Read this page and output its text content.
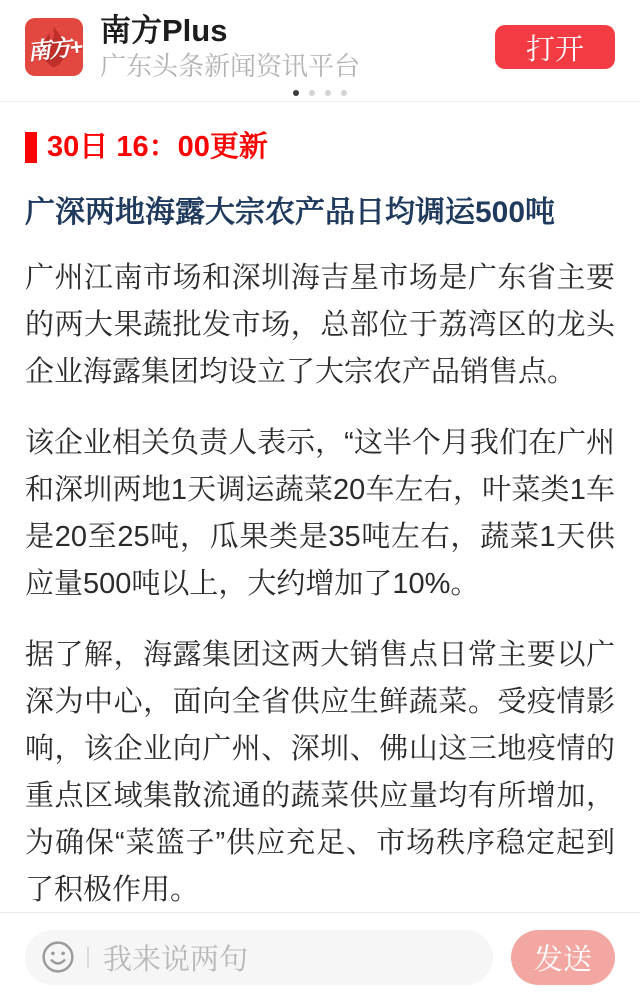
南方+
南方Plus
广东头条新闻资讯平台
打开
30日 16：00更新
广深两地海露大宗农产品日均调运500吨

广州江南市场和深圳海吉星市场是广东省主要的两大果蔬批发市场，总部位于荔湾区的龙头企业海露集团均设立了大宗农产品销售点。

该企业相关负责人表示，“这半个月我们在广州和深圳两地1天调运蔬菜20车左右，叶菜类1车是20至25吨，瓜果类是35吨左右，蔬菜1天供应量500吨以上，大约增加了10%。

据了解，海露集团这两大销售点日常主要以广深为中心，面向全省供应生鲜蔬菜。受疫情影响，该企业向广州、深圳、佛山这三地疫情的重点区域集散流通的蔬菜供应量均有所增加，为确保“菜篮子”供应充足、市场秩序稳定起到了积极作用。

我来说两句	发送
